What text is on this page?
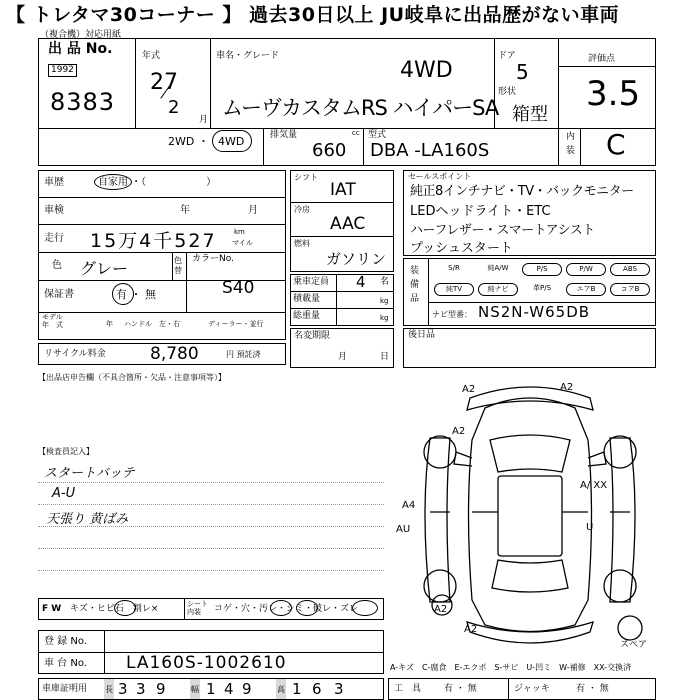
【 トレタマ30コーナー 】 過去30日以上 JU岐阜に出品歴がない車両
（複合機）対応用紙
出 品 No.
1992
8383
年式
27
2
月
車名・グレード
4WD
ムーヴカスタムRS ハイパーSA
ドア
5
形状
箱型
評価点
3.5
内装 C
2WD ・ 4WD	排気量	cc
660
型式
DBA -LA160S
車歴	自家用 ・（　　　　　　）
車検	年	月
走行 15万4千527 km
マイル
色 グレー	色替
カラーNo.
S40
保証書	有 ・ 無
モデル
年　式	年 ハンドル　左・右	ディーラー・並行
リサイクル料金	8,780	円 預託済
【出品店申告欄（不具合箇所・欠品・注意事項等）】
【検査員記入】
スタートバッテ
A-U
天張り 黄ばみ
F W キズ・ヒビ石　割レ×	シート
内装	コゲ・穴・汚レ・シミ・破レ・ズレ
登 録 No.
車 台 No. LA160S-1002610
車庫証明用 長 3 3 9	幅 1 4 9	高 1 6 3
シフト
IAT
冷房
AAC
燃料
ガソリン
乗車定員 4 名
積載量	kg
総重量	kg
名変期限
月	日
セールスポイント
純正8インチナビ・TV・バックモニター
LEDヘッドライト・ETC
ハーフレザー・スマートアシスト
プッシュスタート
装
備
品
S/R	純A/W	P/S	P/W	ABS
純TV	純ナビ	革P/S	エアB	コアB
ナビ型番： NS2N-W65DB
後日品
A2	A2
A2
A/ XX
A4
AU	U
A2
A2
スペア
A-キズ　C-腐食　E-エクボ　S-サビ　U-凹ミ　W-補修　XX-交換済
工　具	有 ・ 無	ジャッキ	有 ・ 無
